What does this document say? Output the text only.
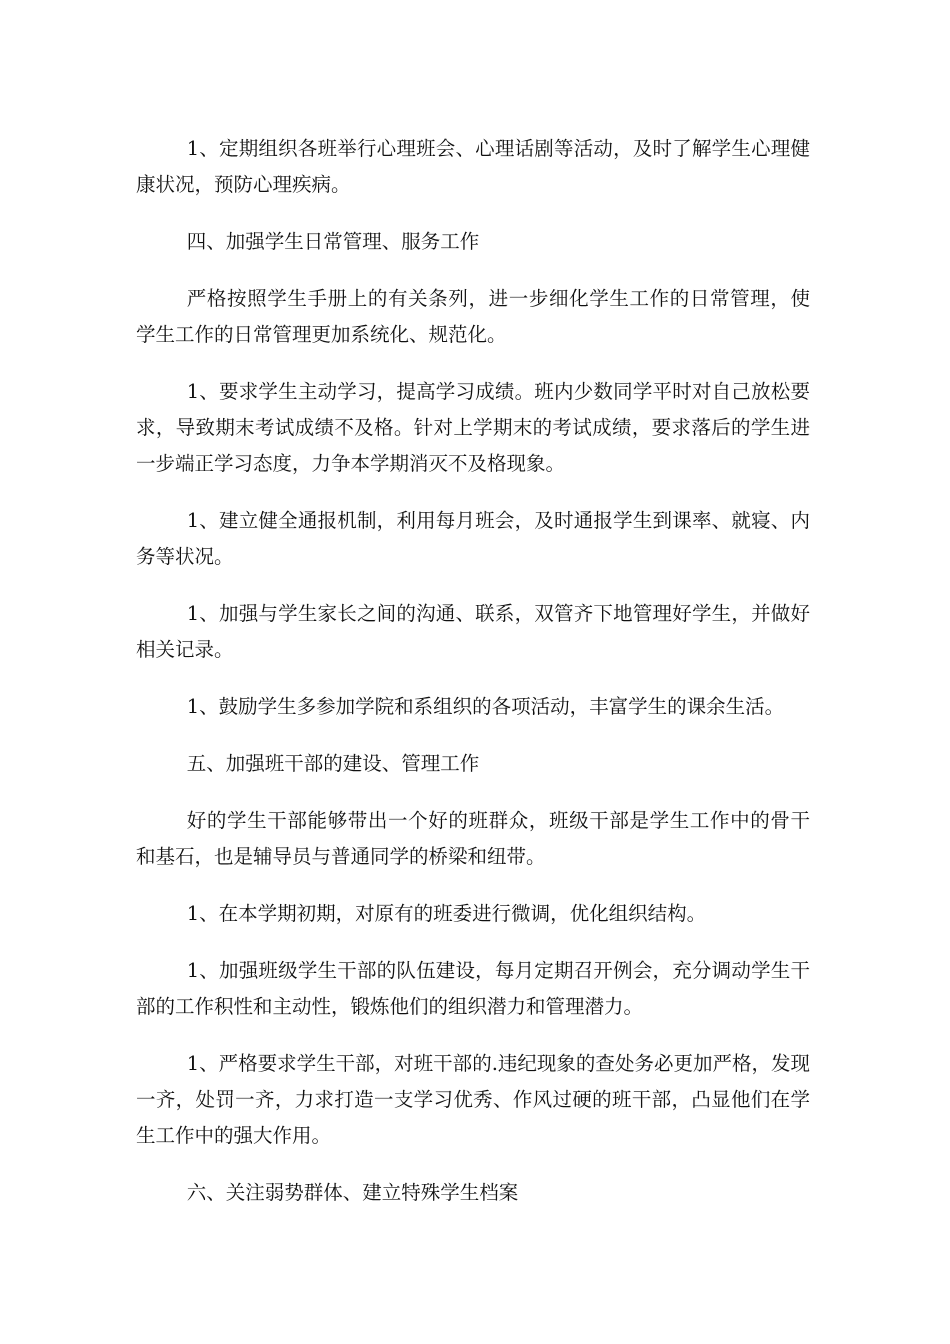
1、定期组织各班举行心理班会、心理话剧等活动，及时了解学生心理健康状况，预防心理疾病。

四、加强学生日常管理、服务工作

严格按照学生手册上的有关条列，进一步细化学生工作的日常管理，使学生工作的日常管理更加系统化、规范化。

1、要求学生主动学习，提高学习成绩。班内少数同学平时对自己放松要求，导致期末考试成绩不及格。针对上学期末的考试成绩，要求落后的学生进一步端正学习态度，力争本学期消灭不及格现象。

1、建立健全通报机制，利用每月班会，及时通报学生到课率、就寝、内务等状况。

1、加强与学生家长之间的沟通、联系，双管齐下地管理好学生，并做好相关记录。

1、鼓励学生多参加学院和系组织的各项活动，丰富学生的课余生活。

五、加强班干部的建设、管理工作

好的学生干部能够带出一个好的班群众，班级干部是学生工作中的骨干和基石，也是辅导员与普通同学的桥梁和纽带。

1、在本学期初期，对原有的班委进行微调，优化组织结构。

1、加强班级学生干部的队伍建设，每月定期召开例会，充分调动学生干部的工作积性和主动性，锻炼他们的组织潜力和管理潜力。

1、严格要求学生干部，对班干部的.违纪现象的查处务必更加严格，发现一齐，处罚一齐，力求打造一支学习优秀、作风过硬的班干部，凸显他们在学生工作中的强大作用。

六、关注弱势群体、建立特殊学生档案
